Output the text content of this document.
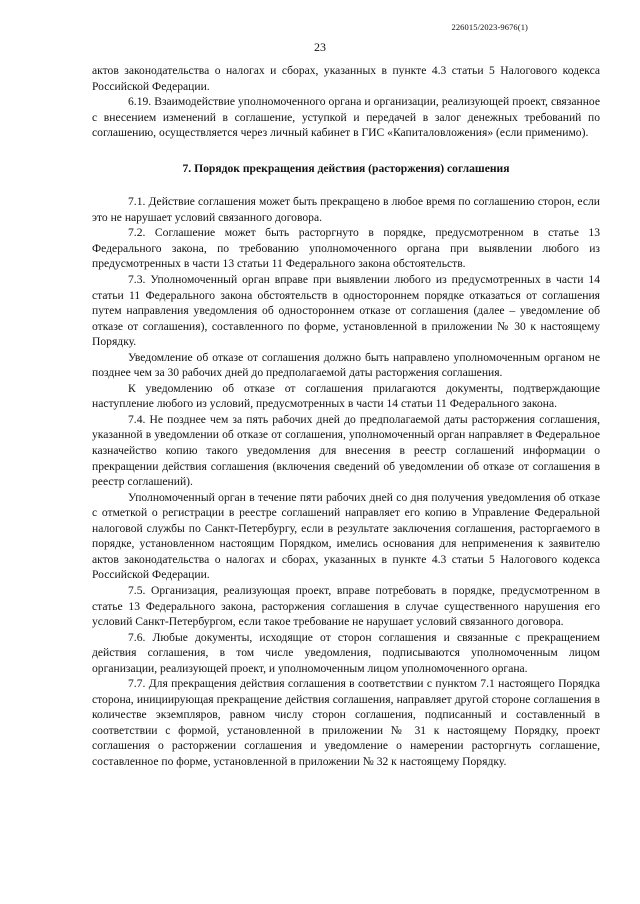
226015/2023-9676(1)
23

актов законодательства о налогах и сборах, указанных в пункте 4.3 статьи 5 Налогового кодекса Российской Федерации.

6.19. Взаимодействие уполномоченного органа и организации, реализующей проект, связанное с внесением изменений в соглашение, уступкой и передачей в залог денежных требований по соглашению, осуществляется через личный кабинет в ГИС «Капиталовложения» (если применимо).

7. Порядок прекращения действия (расторжения) соглашения

7.1. Действие соглашения может быть прекращено в любое время по соглашению сторон, если это не нарушает условий связанного договора.

7.2. Соглашение может быть расторгнуто в порядке, предусмотренном в статье 13 Федерального закона, по требованию уполномоченного органа при выявлении любого из предусмотренных в части 13 статьи 11 Федерального закона обстоятельств.

7.3. Уполномоченный орган вправе при выявлении любого из предусмотренных в части 14 статьи 11 Федерального закона обстоятельств в одностороннем порядке отказаться от соглашения путем направления уведомления об одностороннем отказе от соглашения (далее – уведомление об отказе от соглашения), составленного по форме, установленной в приложении № 30 к настоящему Порядку.

Уведомление об отказе от соглашения должно быть направлено уполномоченным органом не позднее чем за 30 рабочих дней до предполагаемой даты расторжения соглашения.

К уведомлению об отказе от соглашения прилагаются документы, подтверждающие наступление любого из условий, предусмотренных в части 14 статьи 11 Федерального закона.

7.4. Не позднее чем за пять рабочих дней до предполагаемой даты расторжения соглашения, указанной в уведомлении об отказе от соглашения, уполномоченный орган направляет в Федеральное казначейство копию такого уведомления для внесения в реестр соглашений информации о прекращении действия соглашения (включения сведений об уведомлении об отказе от соглашения в реестр соглашений).

Уполномоченный орган в течение пяти рабочих дней со дня получения уведомления об отказе с отметкой о регистрации в реестре соглашений направляет его копию в Управление Федеральной налоговой службы по Санкт-Петербургу, если в результате заключения соглашения, расторгаемого в порядке, установленном настоящим Порядком, имелись основания для неприменения к заявителю актов законодательства о налогах и сборах, указанных в пункте 4.3 статьи 5 Налогового кодекса Российской Федерации.

7.5. Организация, реализующая проект, вправе потребовать в порядке, предусмотренном в статье 13 Федерального закона, расторжения соглашения в случае существенного нарушения его условий Санкт-Петербургом, если такое требование не нарушает условий связанного договора.

7.6. Любые документы, исходящие от сторон соглашения и связанные с прекращением действия соглашения, в том числе уведомления, подписываются уполномоченным лицом организации, реализующей проект, и уполномоченным лицом уполномоченного органа.

7.7. Для прекращения действия соглашения в соответствии с пунктом 7.1 настоящего Порядка сторона, инициирующая прекращение действия соглашения, направляет другой стороне соглашения в количестве экземпляров, равном числу сторон соглашения, подписанный и составленный в соответствии с формой, установленной в приложении № 31 к настоящему Порядку, проект соглашения о расторжении соглашения и уведомление о намерении расторгнуть соглашение, составленное по форме, установленной в приложении № 32 к настоящему Порядку.
